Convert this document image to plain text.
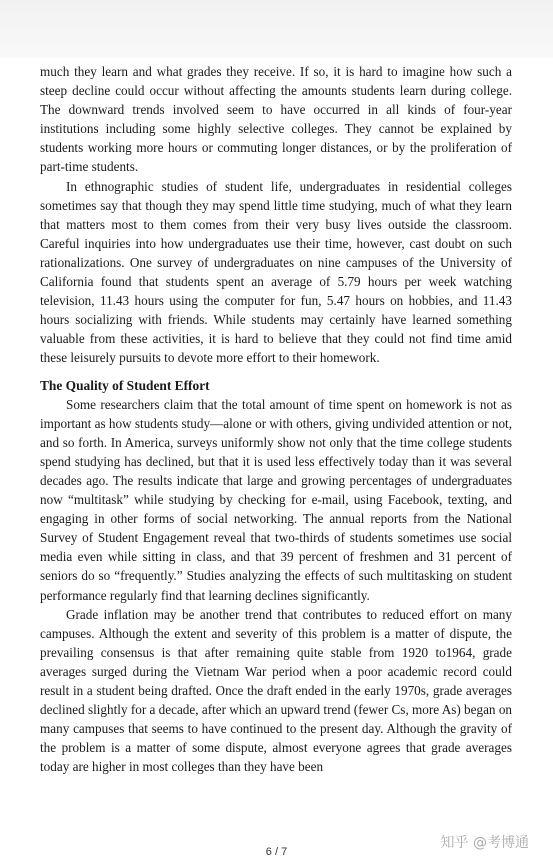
much they learn and what grades they receive. If so, it is hard to imagine how such a steep decline could occur without affecting the amounts students learn during college. The downward trends involved seem to have occurred in all kinds of four-year institutions including some highly selective colleges. They cannot be explained by students working more hours or commuting longer distances, or by the proliferation of part-time students.

In ethnographic studies of student life, undergraduates in residential colleges sometimes say that though they may spend little time studying, much of what they learn that matters most to them comes from their very busy lives outside the classroom. Careful inquiries into how undergraduates use their time, however, cast doubt on such rationalizations. One survey of undergraduates on nine campuses of the University of California found that students spent an average of 5.79 hours per week watching television, 11.43 hours using the computer for fun, 5.47 hours on hobbies, and 11.43 hours socializing with friends. While students may certainly have learned something valuable from these activities, it is hard to believe that they could not find time amid these leisurely pursuits to devote more effort to their homework.

The Quality of Student Effort

Some researchers claim that the total amount of time spent on homework is not as important as how students study—alone or with others, giving undivided attention or not, and so forth. In America, surveys uniformly show not only that the time college students spend studying has declined, but that it is used less effectively today than it was several decades ago. The results indicate that large and growing percentages of undergraduates now “multitask” while studying by checking for e-mail, using Facebook, texting, and engaging in other forms of social networking. The annual reports from the National Survey of Student Engagement reveal that two-thirds of students sometimes use social media even while sitting in class, and that 39 percent of freshmen and 31 percent of seniors do so “frequently.” Studies analyzing the effects of such multitasking on student performance regularly find that learning declines significantly.

Grade inflation may be another trend that contributes to reduced effort on many campuses. Although the extent and severity of this problem is a matter of dispute, the prevailing consensus is that after remaining quite stable from 1920 to1964, grade averages surged during the Vietnam War period when a poor academic record could result in a student being drafted. Once the draft ended in the early 1970s, grade averages declined slightly for a decade, after which an upward trend (fewer Cs, more As) began on many campuses that seems to have continued to the present day. Although the gravity of the problem is a matter of some dispute, almost everyone agrees that grade averages today are higher in most colleges than they have been

6 / 7
知乎 @考博通
